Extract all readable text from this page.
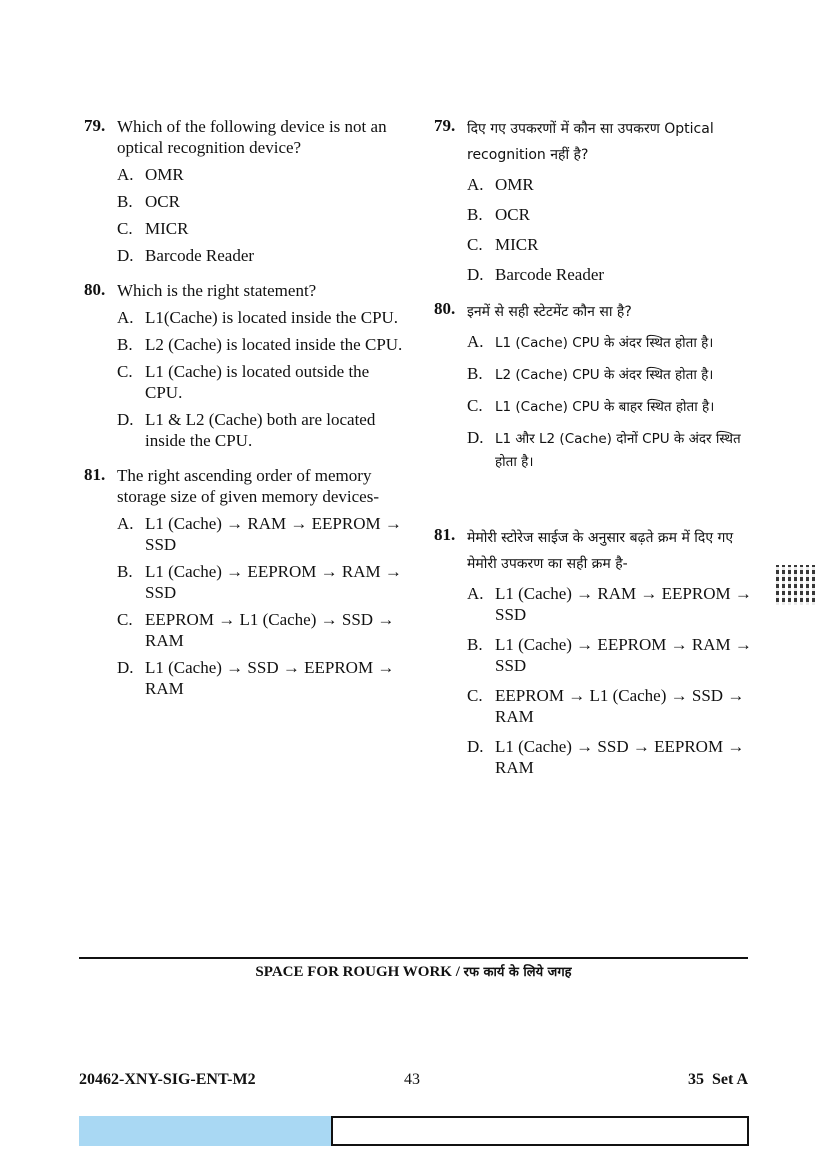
79. Which of the following device is not an optical recognition device?
A. OMR
B. OCR
C. MICR
D. Barcode Reader
80. Which is the right statement?
A. L1(Cache) is located inside the CPU.
B. L2 (Cache) is located inside the CPU.
C. L1 (Cache) is located outside the CPU.
D. L1 & L2 (Cache) both are located inside the CPU.
81. The right ascending order of memory storage size of given memory devices-
A. L1 (Cache) → RAM → EEPROM → SSD
B. L1 (Cache) → EEPROM → RAM → SSD
C. EEPROM → L1 (Cache) → SSD → RAM
D. L1 (Cache) → SSD → EEPROM → RAM
79. दिए गए उपकरणों में कौन सा उपकरण Optical recognition नहीं है?
A. OMR
B. OCR
C. MICR
D. Barcode Reader
80. इनमें से सही स्टेटमेंट कौन सा है?
A. L1 (Cache) CPU के अंदर स्थित होता है।
B. L2 (Cache) CPU के अंदर स्थित होता है।
C. L1 (Cache) CPU के बाहर स्थित होता है।
D. L1 और L2 (Cache) दोनों CPU के अंदर स्थित होता है।
81. मेमोरी स्टोरेज साईज के अनुसार बढ़ते क्रम में दिए गए मेमोरी उपकरण का सही क्रम है-
A. L1 (Cache) → RAM → EEPROM → SSD
B. L1 (Cache) → EEPROM → RAM → SSD
C. EEPROM → L1 (Cache) → SSD → RAM
D. L1 (Cache) → SSD → EEPROM → RAM
SPACE FOR ROUGH WORK / रफ कार्य के लिये जगह
20462-XNY-SIG-ENT-M2	43	35 Set A
